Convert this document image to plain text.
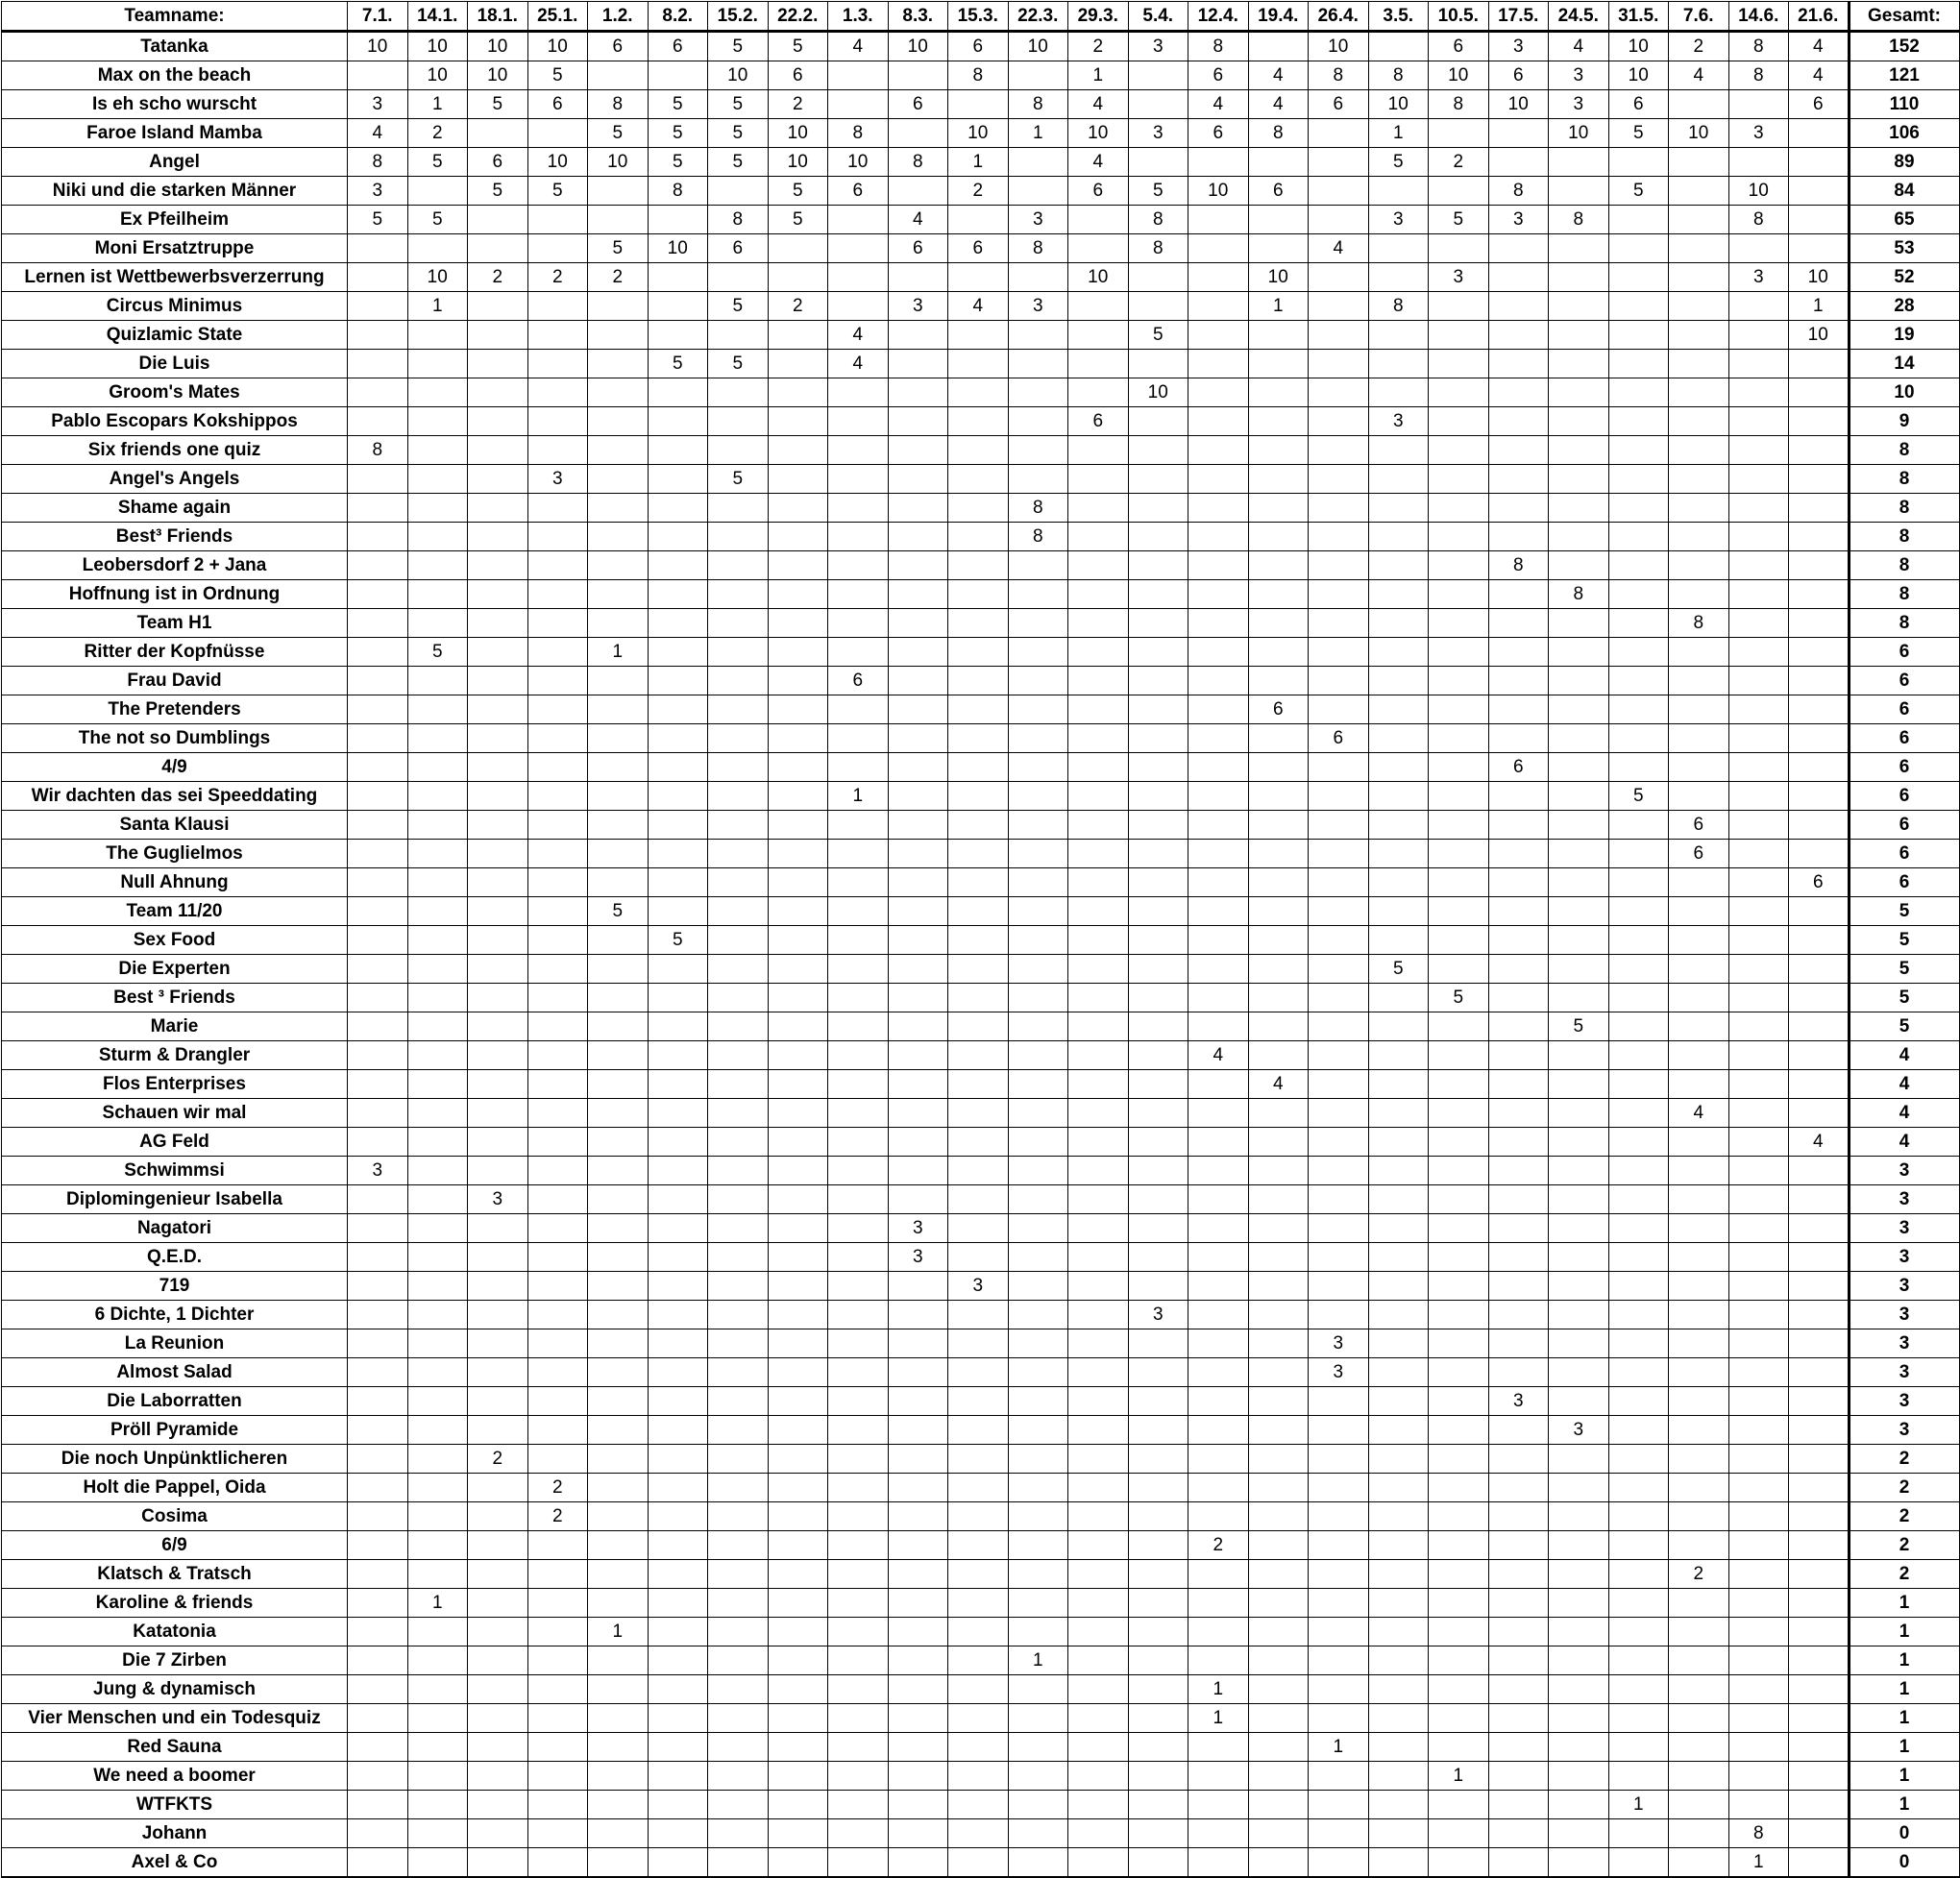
Teamname:	7.1.	14.1.	18.1.	25.1.	1.2.	8.2.	15.2.	22.2.	1.3.	8.3.	15.3.	22.3.	29.3.	5.4.	12.4.	19.4.	26.4.	3.5.	10.5.	17.5.	24.5.	31.5.	7.6.	14.6.	21.6.	Gesamt:
Tatanka	10	10	10	10	6	6	5	5	4	10	6	10	2	3	8		10		6	3	4	10	2	8	4	152
Max on the beach		10	10	5			10	6			8		1		6	4	8	8	10	6	3	10	4	8	4	121
Is eh scho wurscht	3	1	5	6	8	5	5	2		6		8	4		4	4	6	10	8	10	3	6			6	110
Faroe Island Mamba	4	2			5	5	5	10	8		10	1	10	3	6	8		1			10	5	10	3		106
Angel	8	5	6	10	10	5	5	10	10	8	1		4					5	2							89
Niki und die starken Männer	3		5	5		8		5	6		2		6	5	10	6				8		5		10		84
Ex Pfeilheim	5	5					8	5		4		3		8				3	5	3	8			8		65
Moni Ersatztruppe					5	10	6			6	6	8		8			4									53
Lernen ist Wettbewerbsverzerrung		10	2	2	2								10			10			3					3	10	52
Circus Minimus		1					5	2		3	4	3				1		8							1	28
Quizlamic State									4					5											10	19
Die Luis						5	5		4																	14
Groom's Mates														10												10
Pablo Escopars Kokshippos													6					3								9
Six friends one quiz	8																									8
Angel's Angels				3			5																			8
Shame again												8														8
Best³ Friends												8														8
Leobersdorf 2 + Jana																				8						8
Hoffnung ist in Ordnung																					8					8
Team H1																							8			8
Ritter der Kopfnüsse		5			1																					6
Frau David									6																	6
The Pretenders																6										6
The not so Dumblings																	6									6
4/9																				6						6
Wir dachten das sei Speeddating									1													5				6
Santa Klausi																							6			6
The Guglielmos																							6			6
Null Ahnung																									6	6
Team 11/20					5																					5
Sex Food						5																				5
Die Experten																		5								5
Best ³ Friends																			5							5
Marie																					5					5
Sturm & Drangler															4											4
Flos Enterprises																4										4
Schauen wir mal																							4			4
AG Feld																									4	4
Schwimmsi	3																									3
Diplomingenieur Isabella			3																							3
Nagatori										3																3
Q.E.D.										3																3
719											3															3
6 Dichte, 1 Dichter														3												3
La Reunion																	3									3
Almost Salad																	3									3
Die Laborratten																				3						3
Pröll Pyramide																					3					3
Die noch Unpünktlicheren			2																							2
Holt die Pappel, Oida				2																						2
Cosima				2																						2
6/9															2											2
Klatsch & Tratsch																							2			2
Karoline & friends		1																								1
Katatonia					1																					1
Die 7 Zirben												1														1
Jung & dynamisch															1											1
Vier Menschen und ein Todesquiz															1											1
Red Sauna																	1									1
We need a boomer																			1							1
WTFKTS																						1				1
Johann																								8		0
Axel & Co																								1		0
